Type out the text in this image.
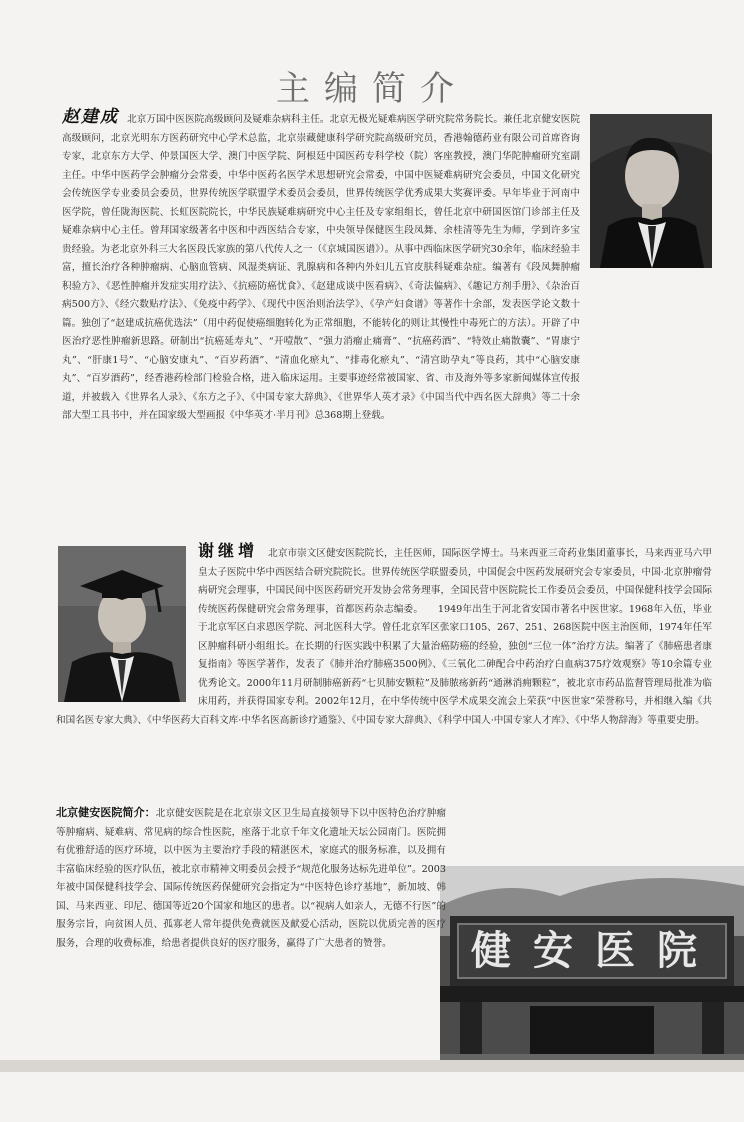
主编简介
赵建成 北京万国中医医院高级顾问及疑难杂病科主任。北京无极光疑难病医学研究院常务院长。兼任北京健安医院高级顾问，北京光明东方医药研究中心学术总监，北京崇藏健康科学研究院高级研究员，香港翰德药业有限公司首席咨询专家，北京东方大学、仲景国医大学、澳门中医学院、阿根廷中国医药专科学校（院）客座教授，澳门华陀肿瘤研究室副主任。中华中医药学会肿瘤分会常委，中华中医药名医学术思想研究会常委，中国中医疑难病研究会委员，中国文化研究会传统医学专业委员会委员，世界传统医学联盟学术委员会委员，世界传统医学优秀成果大奖赛评委。早年毕业于河南中医学院，曾任陇海医院、长虹医院院长，中华民族疑难病研究中心主任及专家组组长，曾任北京中研国医馆门诊部主任及疑难杂病中心主任。曾拜国家级著名中医和中西医结合专家，中央领导保健医生段凤舞、余桂清等先生为师，学到许多宝贵经验。为老北京外科三大名医段氏家族的第八代传人之一（《京城国医谱》）。从事中西临床医学研究30余年，临床经验丰富，擅长治疗各种肿瘤病、心脑血管病、风湿类病证、乳腺病和各种内外妇儿五官皮肤科疑难杂症。编著有《段凤舞肿瘤积验方》、《恶性肿瘤并发症实用疗法》、《抗癌防癌忧食》、《赵建成谈中医看病》、《奇法偏病》、《趣记方剂手册》、《杂治百病500方》、《经穴数贴疗法》、《免疫中药学》、《现代中医治则治法学》、《孕产妇食谱》等著作十余部，发表医学论文数十篇。独创了“赵建成抗癌优选法”（用中药促使癌细胞转化为正常细胞，不能转化的则让其慢性中毒死亡的方法）。开辟了中医治疗恶性肿瘤新思路。研制出“抗癌延寿丸”、“开噎散”、“强力消瘤止痛膏”、“抗癌药酒”、“特效止痛散囊”、“胃康宁丸”、“肝康1号”、“心脑安康丸”、“百岁药酒”、“清血化瘀丸”、“排毒化瘀丸”、“清宫助孕丸”等良药，其中“心脑安康丸”、“百岁酒药”，经香港药检部门检验合格，进入临床运用。主要事迹经常被国家、省、市及海外等多家新闻媒体宣传报道，并被载入《世界名人录》、《东方之子》、《中国专家大辞典》、《世界华人英才录》《中国当代中西名医大辞典》等二十余部大型工具书中，并在国家级大型画报《中华英才·半月刊》总368期上登载。
谢继增 北京市崇文区健安医院院长，主任医师，国际医学博士。马来西亚三奇药业集团董事长，马来西亚马六甲皇太子医院中华中西医结合研究院院长。世界传统医学联盟委员，中国促会中医药发展研究会专家委员，中国·北京肿瘤骨病研究会理事，中国民间中医医药研究开发协会常务理事，全国民营中医院院长工作委员会委员，中国保健科技学会国际传统医药保健研究会常务理事，首都医药杂志编委。　　1949年出生于河北省安国市著名中医世家。1968年入伍，毕业于北京军区白求恩医学院、河北医科大学。曾任北京军区张家口105、267、251、268医院中医主治医师，1974年任军区肿瘤科研小组组长。在长期的行医实践中积累了大量治癌防癌的经验，独创“三位一体”治疗方法。编著了《肺癌患者康复指南》等医学著作，发表了《肺并治疗肺癌3500例》、《三氧化二砷配合中药治疗白血病375疗效观察》等10余篇专业优秀论文。2000年11月研制肺癌新药“七贝肺安颗粒”及肺脓疡新药“通淋消痈颗粒”，被北京市药品监督管理局批准为临床用药，并获得国家专利。2002年12月，在中华传统中医学术成果交流会上荣获“中医世家”荣誉称号，并相继入编《共和国名医专家大典》、《中华医药大百科文库·中华名医高新诊疗通鉴》、《中国专家大辞典》、《科学中国人·中国专家人才库》、《中华人物辞海》等重要史册。
健安医院
北京健安医院简介：北京健安医院是在北京崇文区卫生局直接领导下以中医特色治疗肿瘤等肿瘤病、疑难病、常见病的综合性医院，座落于北京千年文化遗址天坛公园南门。医院拥有优雅舒适的医疗环境，以中医为主要治疗手段的精湛医术，家庭式的服务标准，以及拥有丰富临床经验的医疗队伍，被北京市精神文明委员会授予“规范化服务达标先进单位”。2003年被中国保健科技学会、国际传统医药保健研究会指定为“中医特色诊疗基地”，新加坡、韩国、马来西亚、印尼、德国等近20个国家和地区的患者。以“视病人如亲人，无德不行医”的服务宗旨，向贫困人员、孤寡老人常年提供免费就医及献爱心活动，医院以优质完善的医疗服务，合理的收费标准，给患者提供良好的医疗服务，赢得了广大患者的赞誉。
